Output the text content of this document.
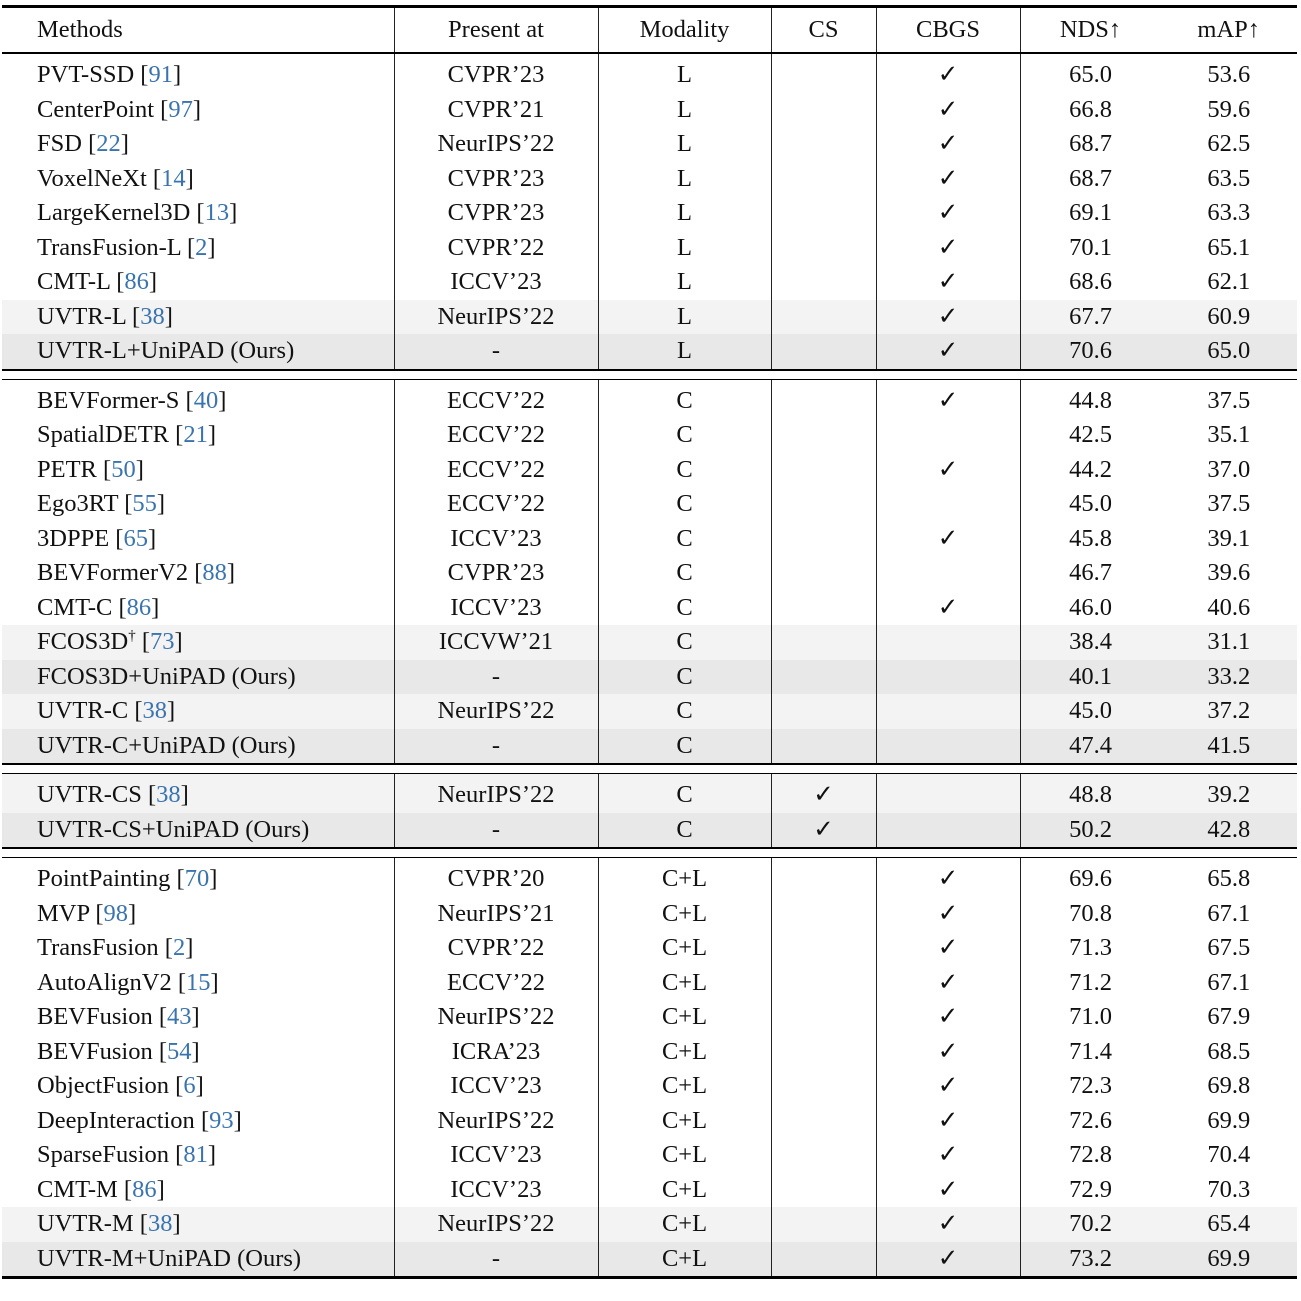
Methods	Present at	Modality	CS	CBGS	NDS↑	mAP↑
PVT-SSD [91]	CVPR’23	L		✓	65.0	53.6
CenterPoint [97]	CVPR’21	L		✓	66.8	59.6
FSD [22]	NeurIPS’22	L		✓	68.7	62.5
VoxelNeXt [14]	CVPR’23	L		✓	68.7	63.5
LargeKernel3D [13]	CVPR’23	L		✓	69.1	63.3
TransFusion-L [2]	CVPR’22	L		✓	70.1	65.1
CMT-L [86]	ICCV’23	L		✓	68.6	62.1
UVTR-L [38]	NeurIPS’22	L		✓	67.7	60.9
UVTR-L+UniPAD (Ours)	-	L		✓	70.6	65.0

BEVFormer-S [40]	ECCV’22	C		✓	44.8	37.5
SpatialDETR [21]	ECCV’22	C			42.5	35.1
PETR [50]	ECCV’22	C		✓	44.2	37.0
Ego3RT [55]	ECCV’22	C			45.0	37.5
3DPPE [65]	ICCV’23	C		✓	45.8	39.1
BEVFormerV2 [88]	CVPR’23	C			46.7	39.6
CMT-C [86]	ICCV’23	C		✓	46.0	40.6
FCOS3D† [73]	ICCVW’21	C			38.4	31.1
FCOS3D+UniPAD (Ours)	-	C			40.1	33.2
UVTR-C [38]	NeurIPS’22	C			45.0	37.2
UVTR-C+UniPAD (Ours)	-	C			47.4	41.5

UVTR-CS [38]	NeurIPS’22	C	✓		48.8	39.2
UVTR-CS+UniPAD (Ours)	-	C	✓		50.2	42.8

PointPainting [70]	CVPR’20	C+L		✓	69.6	65.8
MVP [98]	NeurIPS’21	C+L		✓	70.8	67.1
TransFusion [2]	CVPR’22	C+L		✓	71.3	67.5
AutoAlignV2 [15]	ECCV’22	C+L		✓	71.2	67.1
BEVFusion [43]	NeurIPS’22	C+L		✓	71.0	67.9
BEVFusion [54]	ICRA’23	C+L		✓	71.4	68.5
ObjectFusion [6]	ICCV’23	C+L		✓	72.3	69.8
DeepInteraction [93]	NeurIPS’22	C+L		✓	72.6	69.9
SparseFusion [81]	ICCV’23	C+L		✓	72.8	70.4
CMT-M [86]	ICCV’23	C+L		✓	72.9	70.3
UVTR-M [38]	NeurIPS’22	C+L		✓	70.2	65.4
UVTR-M+UniPAD (Ours)	-	C+L		✓	73.2	69.9
